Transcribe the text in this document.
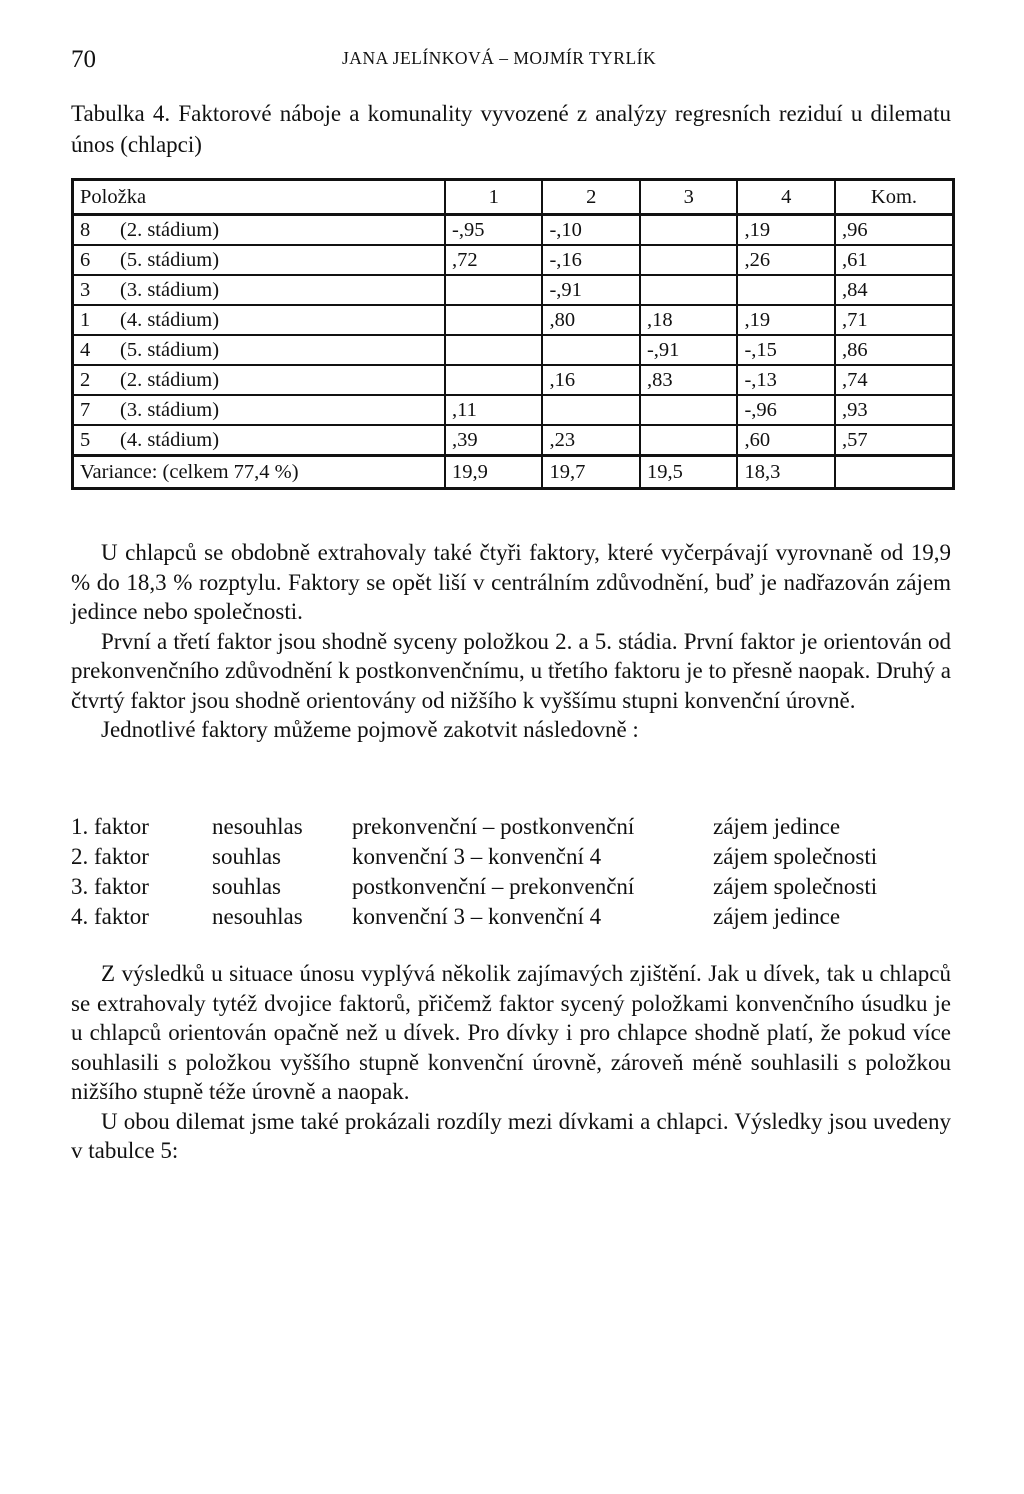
70	JANA JELÍNKOVÁ – MOJMÍR TYRLÍK
Tabulka 4. Faktorové náboje a komunality vyvozené z analýzy regresních reziduí u dilematu únos (chlapci)
Položka	1	2	3	4	Kom.
8 (2. stádium)	-,95	-,10		,19	,96
6 (5. stádium)	,72	-,16		,26	,61
3 (3. stádium)		-,91			,84
1 (4. stádium)		,80	,18	,19	,71
4 (5. stádium)			-,91	-,15	,86
2 (2. stádium)		,16	,83	-,13	,74
7 (3. stádium)	,11			-,96	,93
5 (4. stádium)	,39	,23		,60	,57
Variance: (celkem 77,4 %)	19,9	19,7	19,5	18,3	

U chlapců se obdobně extrahovaly také čtyři faktory, které vyčerpávají vyrovnaně od 19,9 % do 18,3 % rozptylu. Faktory se opět liší v centrálním zdůvodnění, buď je nadřazován zájem jedince nebo společnosti.

První a třetí faktor jsou shodně syceny položkou 2. a 5. stádia. První faktor je orientován od prekonvenčního zdůvodnění k postkonvenčnímu, u třetího faktoru je to přesně naopak. Druhý a čtvrtý faktor jsou shodně orientovány od nižšího k vyššímu stupni konvenční úrovně.

Jednotlivé faktory můžeme pojmově zakotvit následovně :

1. faktor	nesouhlas	prekonvenční – postkonvenční	zájem jedince
2. faktor	souhlas	konvenční 3 – konvenční 4	zájem společnosti
3. faktor	souhlas	postkonvenční – prekonvenční	zájem společnosti
4. faktor	nesouhlas	konvenční 3 – konvenční 4	zájem jedince

Z výsledků u situace únosu vyplývá několik zajímavých zjištění. Jak u dívek, tak u chlapců se extrahovaly tytéž dvojice faktorů, přičemž faktor sycený položkami konvenčního úsudku je u chlapců orientován opačně než u dívek. Pro dívky i pro chlapce shodně platí, že pokud více souhlasili s položkou vyššího stupně konvenční úrovně, zároveň méně souhlasili s položkou nižšího stupně téže úrovně a naopak.

U obou dilemat jsme také prokázali rozdíly mezi dívkami a chlapci. Výsledky jsou uvedeny v tabulce 5:
